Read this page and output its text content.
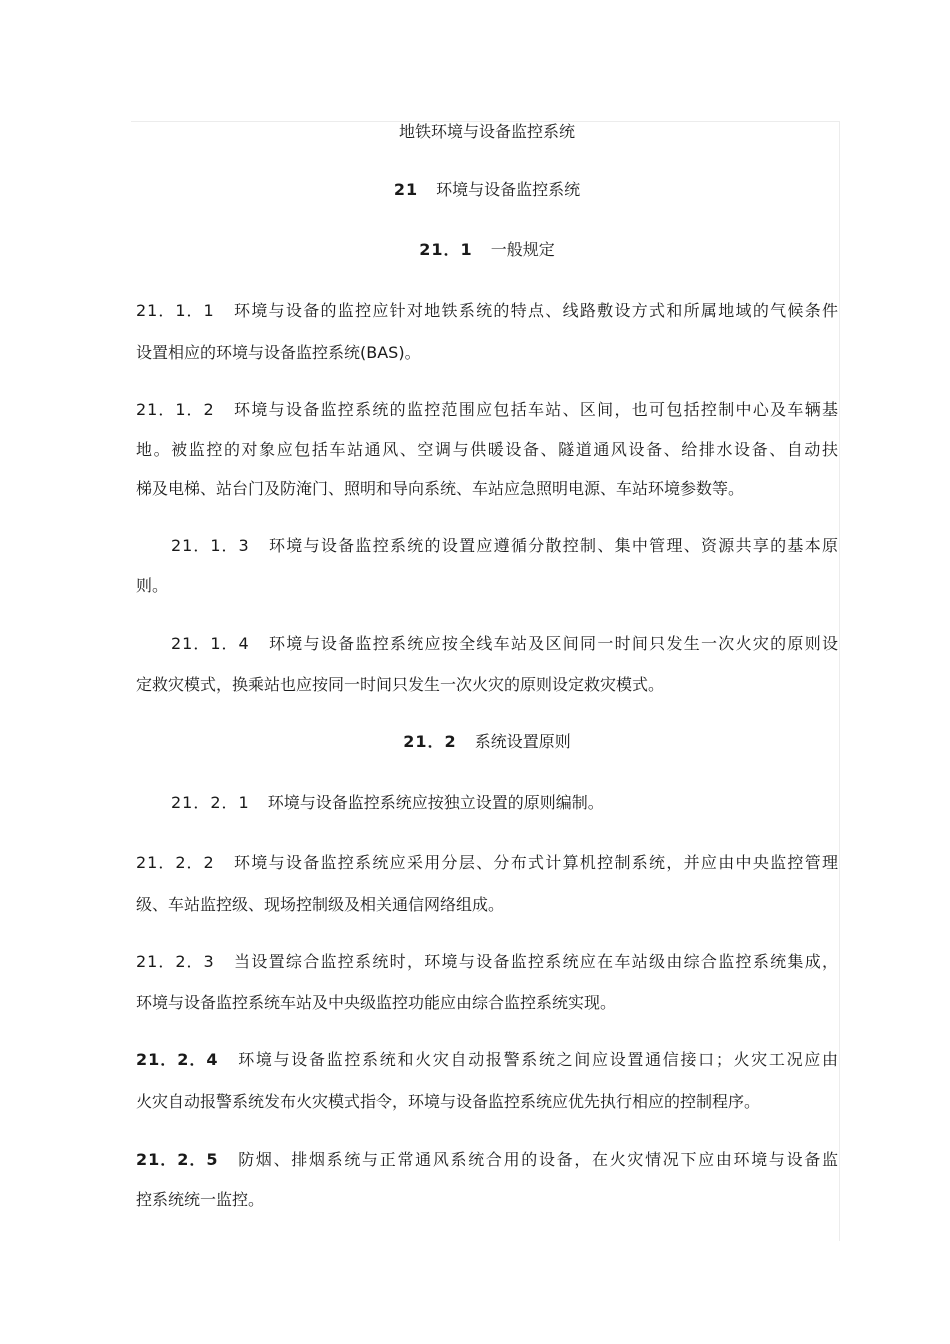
地铁环境与设备监控系统
21 环境与设备监控系统
21．1 一般规定
21．1．1 环境与设备的监控应针对地铁系统的特点、线路敷设方式和所属地域的气候条件
设置相应的环境与设备监控系统(BAS)。
21．1．2 环境与设备监控系统的监控范围应包括车站、区间，也可包括控制中心及车辆基
地。被监控的对象应包括车站通风、空调与供暖设备、隧道通风设备、给排水设备、自动扶
梯及电梯、站台门及防淹门、照明和导向系统、车站应急照明电源、车站环境参数等。
21．1．3 环境与设备监控系统的设置应遵循分散控制、集中管理、资源共享的基本原
则。
21．1．4 环境与设备监控系统应按全线车站及区间同一时间只发生一次火灾的原则设
定救灾模式，换乘站也应按同一时间只发生一次火灾的原则设定救灾模式。
21．2 系统设置原则
21．2．1 环境与设备监控系统应按独立设置的原则编制。
21．2．2 环境与设备监控系统应采用分层、分布式计算机控制系统，并应由中央监控管理
级、车站监控级、现场控制级及相关通信网络组成。
21．2．3 当设置综合监控系统时，环境与设备监控系统应在车站级由综合监控系统集成，
环境与设备监控系统车站及中央级监控功能应由综合监控系统实现。
21．2．4 环境与设备监控系统和火灾自动报警系统之间应设置通信接口；火灾工况应由
火灾自动报警系统发布火灾模式指令，环境与设备监控系统应优先执行相应的控制程序。
21．2．5 防烟、排烟系统与正常通风系统合用的设备，在火灾情况下应由环境与设备监
控系统统一监控。
